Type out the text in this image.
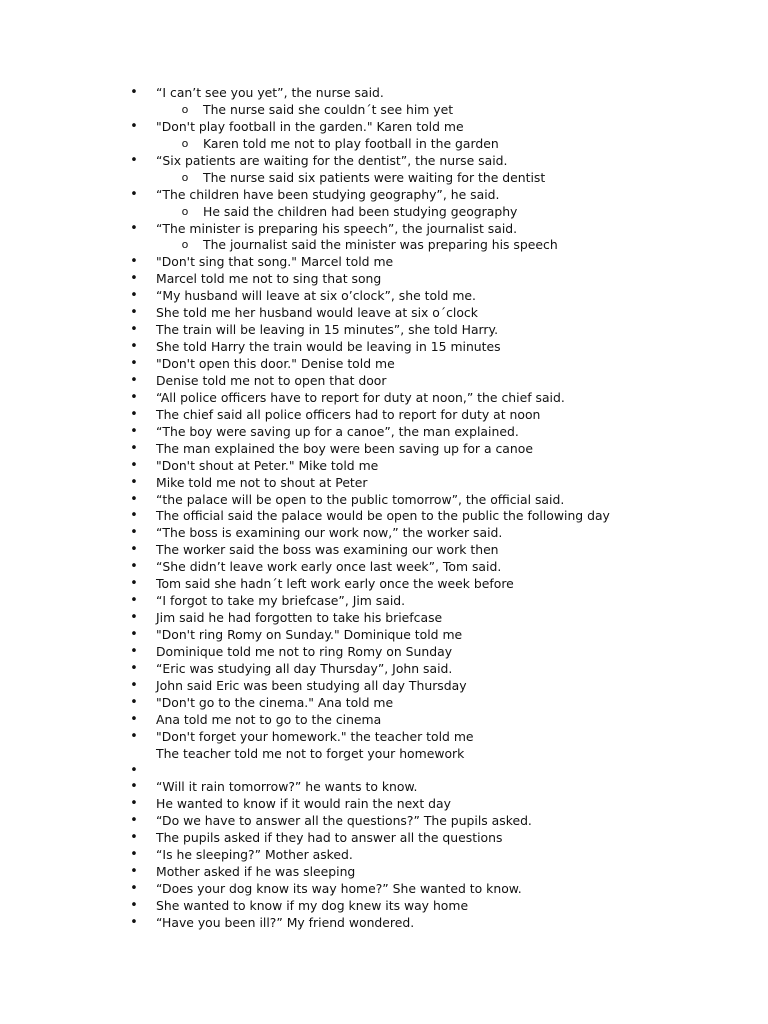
• “I can’t see you yet”, the nurse said.
o The nurse said she couldn´t see him yet
• "Don't play football in the garden." Karen told me
o Karen told me not to play football in the garden
• “Six patients are waiting for the dentist”, the nurse said.
o The nurse said six patients were waiting for the dentist
• “The children have been studying geography”, he said.
o He said the children had been studying geography
• “The minister is preparing his speech”, the journalist said.
o The journalist said the minister was preparing his speech
• "Don't sing that song." Marcel told me
• Marcel told me not to sing that song
• “My husband will leave at six o’clock”, she told me.
• She told me her husband would leave at six o´clock
• The train will be leaving in 15 minutes”, she told Harry.
• She told Harry the train would be leaving in 15 minutes
• "Don't open this door." Denise told me
• Denise told me not to open that door
• “All police officers have to report for duty at noon,” the chief said.
• The chief said all police officers had to report for duty at noon
• “The boy were saving up for a canoe”, the man explained.
• The man explained the boy were been saving up for a canoe
• "Don't shout at Peter." Mike told me
• Mike told me not to shout at Peter
• “the palace will be open to the public tomorrow”, the official said.
• The official said the palace would be open to the public the following day
• “The boss is examining our work now,” the worker said.
• The worker said the boss was examining our work then
• “She didn’t leave work early once last week”, Tom said.
• Tom said she hadn´t left work early once the week before
• “I forgot to take my briefcase”, Jim said.
• Jim said he had forgotten to take his briefcase
• "Don't ring Romy on Sunday." Dominique told me
• Dominique told me not to ring Romy on Sunday
• “Eric was studying all day Thursday”, John said.
• John said Eric was been studying all day Thursday
• "Don't go to the cinema." Ana told me
• Ana told me not to go to the cinema
• "Don't forget your homework." the teacher told me
The teacher told me not to forget your homework
•
• “Will it rain tomorrow?” he wants to know.
• He wanted to know if it would rain the next day
• “Do we have to answer all the questions?” The pupils asked.
• The pupils asked if they had to answer all the questions
• “Is he sleeping?” Mother asked.
• Mother asked if he was sleeping
• “Does your dog know its way home?” She wanted to know.
• She wanted to know if my dog knew its way home
• “Have you been ill?” My friend wondered.
